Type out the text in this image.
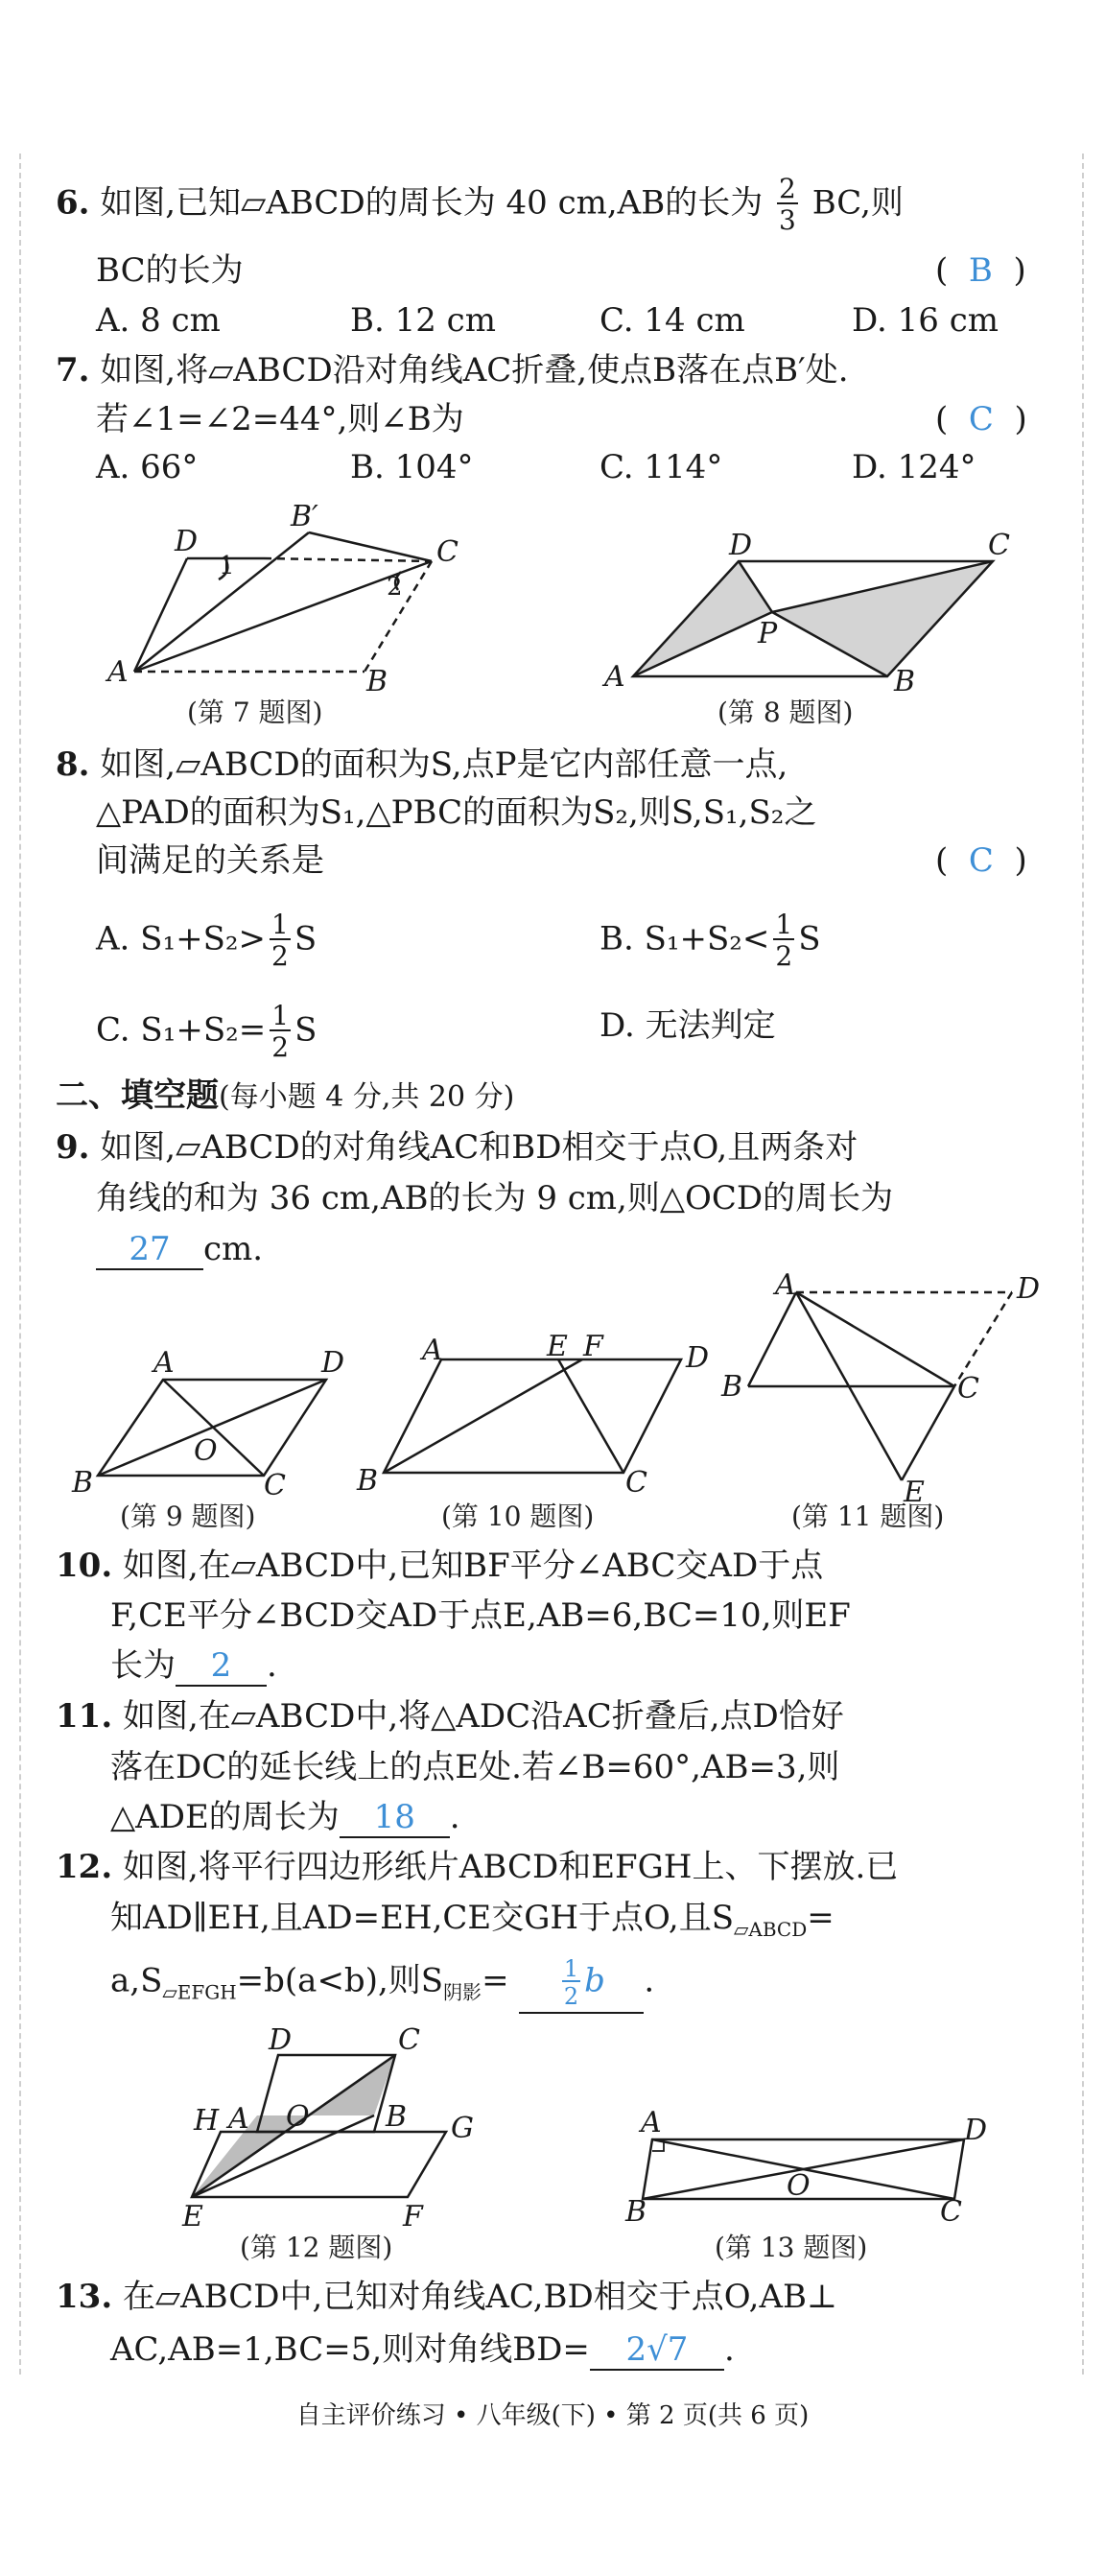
6. 如图,已知▱ABCD的周长为 40 cm,AB的长为 $\frac{2}{3}$ BC,则
BC的长为	(  B  )
A. 8 cm	B. 12 cm	C. 14 cm	D. 16 cm
7. 如图,将▱ABCD沿对角线AC折叠,使点B落在点B′处.
若∠1=∠2=44°,则∠B为	(  C  )
A. 66°	B. 104°	C. 114°	D. 124°
D
B′
C
A	B
1
2
(第 7 题图)
D	C
P
A	B
(第 8 题图)
8. 如图,▱ABCD的面积为S,点P是它内部任意一点,
△PAD的面积为S₁,△PBC的面积为S₂,则S,S₁,S₂之
间满足的关系是	(  C  )
A. $S_1+S_2> \frac{1}{2}$ S	B. $S_1+S_2< \frac{1}{2}$ S
C. $S_1+S_2= \frac{1}{2}$ S	D. 无法判定
二、填空题(每小题 4 分,共 20 分)
9. 如图,▱ABCD的对角线AC和BD相交于点O,且两条对
角线的和为 36 cm,AB的长为 9 cm,则△OCD的周长为
27 cm.
A	D
O
B	C
(第 9 题图)
A	E F	D
B	C
(第 10 题图)
A	D
B	C
E
(第 11 题图)
10. 如图,在▱ABCD中,已知BF平分∠ABC交AD于点
F,CE平分∠BCD交AD于点E,AB=6,BC=10,则EF
长为 2 .
11. 如图,在▱ABCD中,将△ADC沿AC折叠后,点D恰好
落在DC的延长线上的点E处.若∠B=60°,AB=3,则
△ADE的周长为 18 .
12. 如图,将平行四边形纸片ABCD和EFGH上、下摆放.已
知AD∥EH,且AD=EH,CE交GH于点O,且$S_{▱ABCD}=$
$a,S_{▱EFGH}=b(a<b)$,则$S_{阴影}= \frac{1}{2}$ b .
D	C
H A O	B G
E	F
(第 12 题图)
A	D
O
B	C
(第 13 题图)
13. 在▱ABCD中,已知对角线AC,BD相交于点O,AB⊥
AC,AB=1,BC=5,则对角线BD= 2√7 .
自主评价练习 • 八年级(下) • 第 2 页(共 6 页)
